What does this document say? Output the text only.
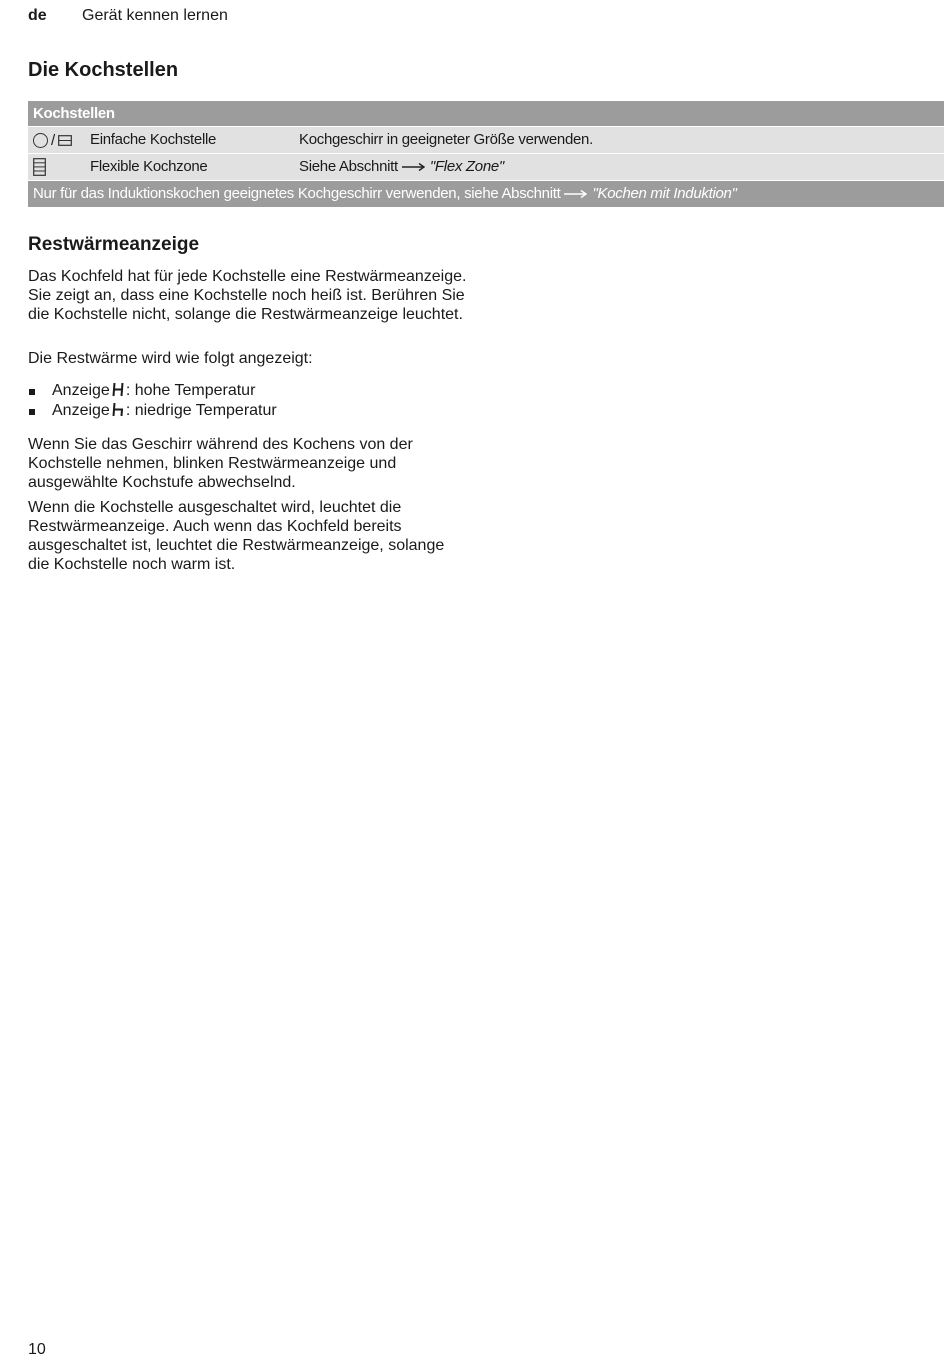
de Gerät kennen lernen
Die Kochstellen
Kochstellen
/ Einfache Kochstelle	Kochgeschirr in geeigneter Größe verwenden.
Flexible Kochzone	Siehe Abschnitt "Flex Zone"
Nur für das Induktionskochen geeignetes Kochgeschirr verwenden, siehe Abschnitt "Kochen mit Induktion"
Restwärmeanzeige

Das Kochfeld hat für jede Kochstelle eine Restwärmeanzeige. Sie zeigt an, dass eine Kochstelle noch heiß ist. Berühren Sie die Kochstelle nicht, solange die Restwärmeanzeige leuchtet.

Die Restwärme wird wie folgt angezeigt:

Anzeige : hohe Temperatur
Anzeige : niedrige Temperatur

Wenn Sie das Geschirr während des Kochens von der Kochstelle nehmen, blinken Restwärmeanzeige und ausgewählte Kochstufe abwechselnd.

Wenn die Kochstelle ausgeschaltet wird, leuchtet die Restwärmeanzeige. Auch wenn das Kochfeld bereits ausgeschaltet ist, leuchtet die Restwärmeanzeige, solange die Kochstelle noch warm ist.

10
